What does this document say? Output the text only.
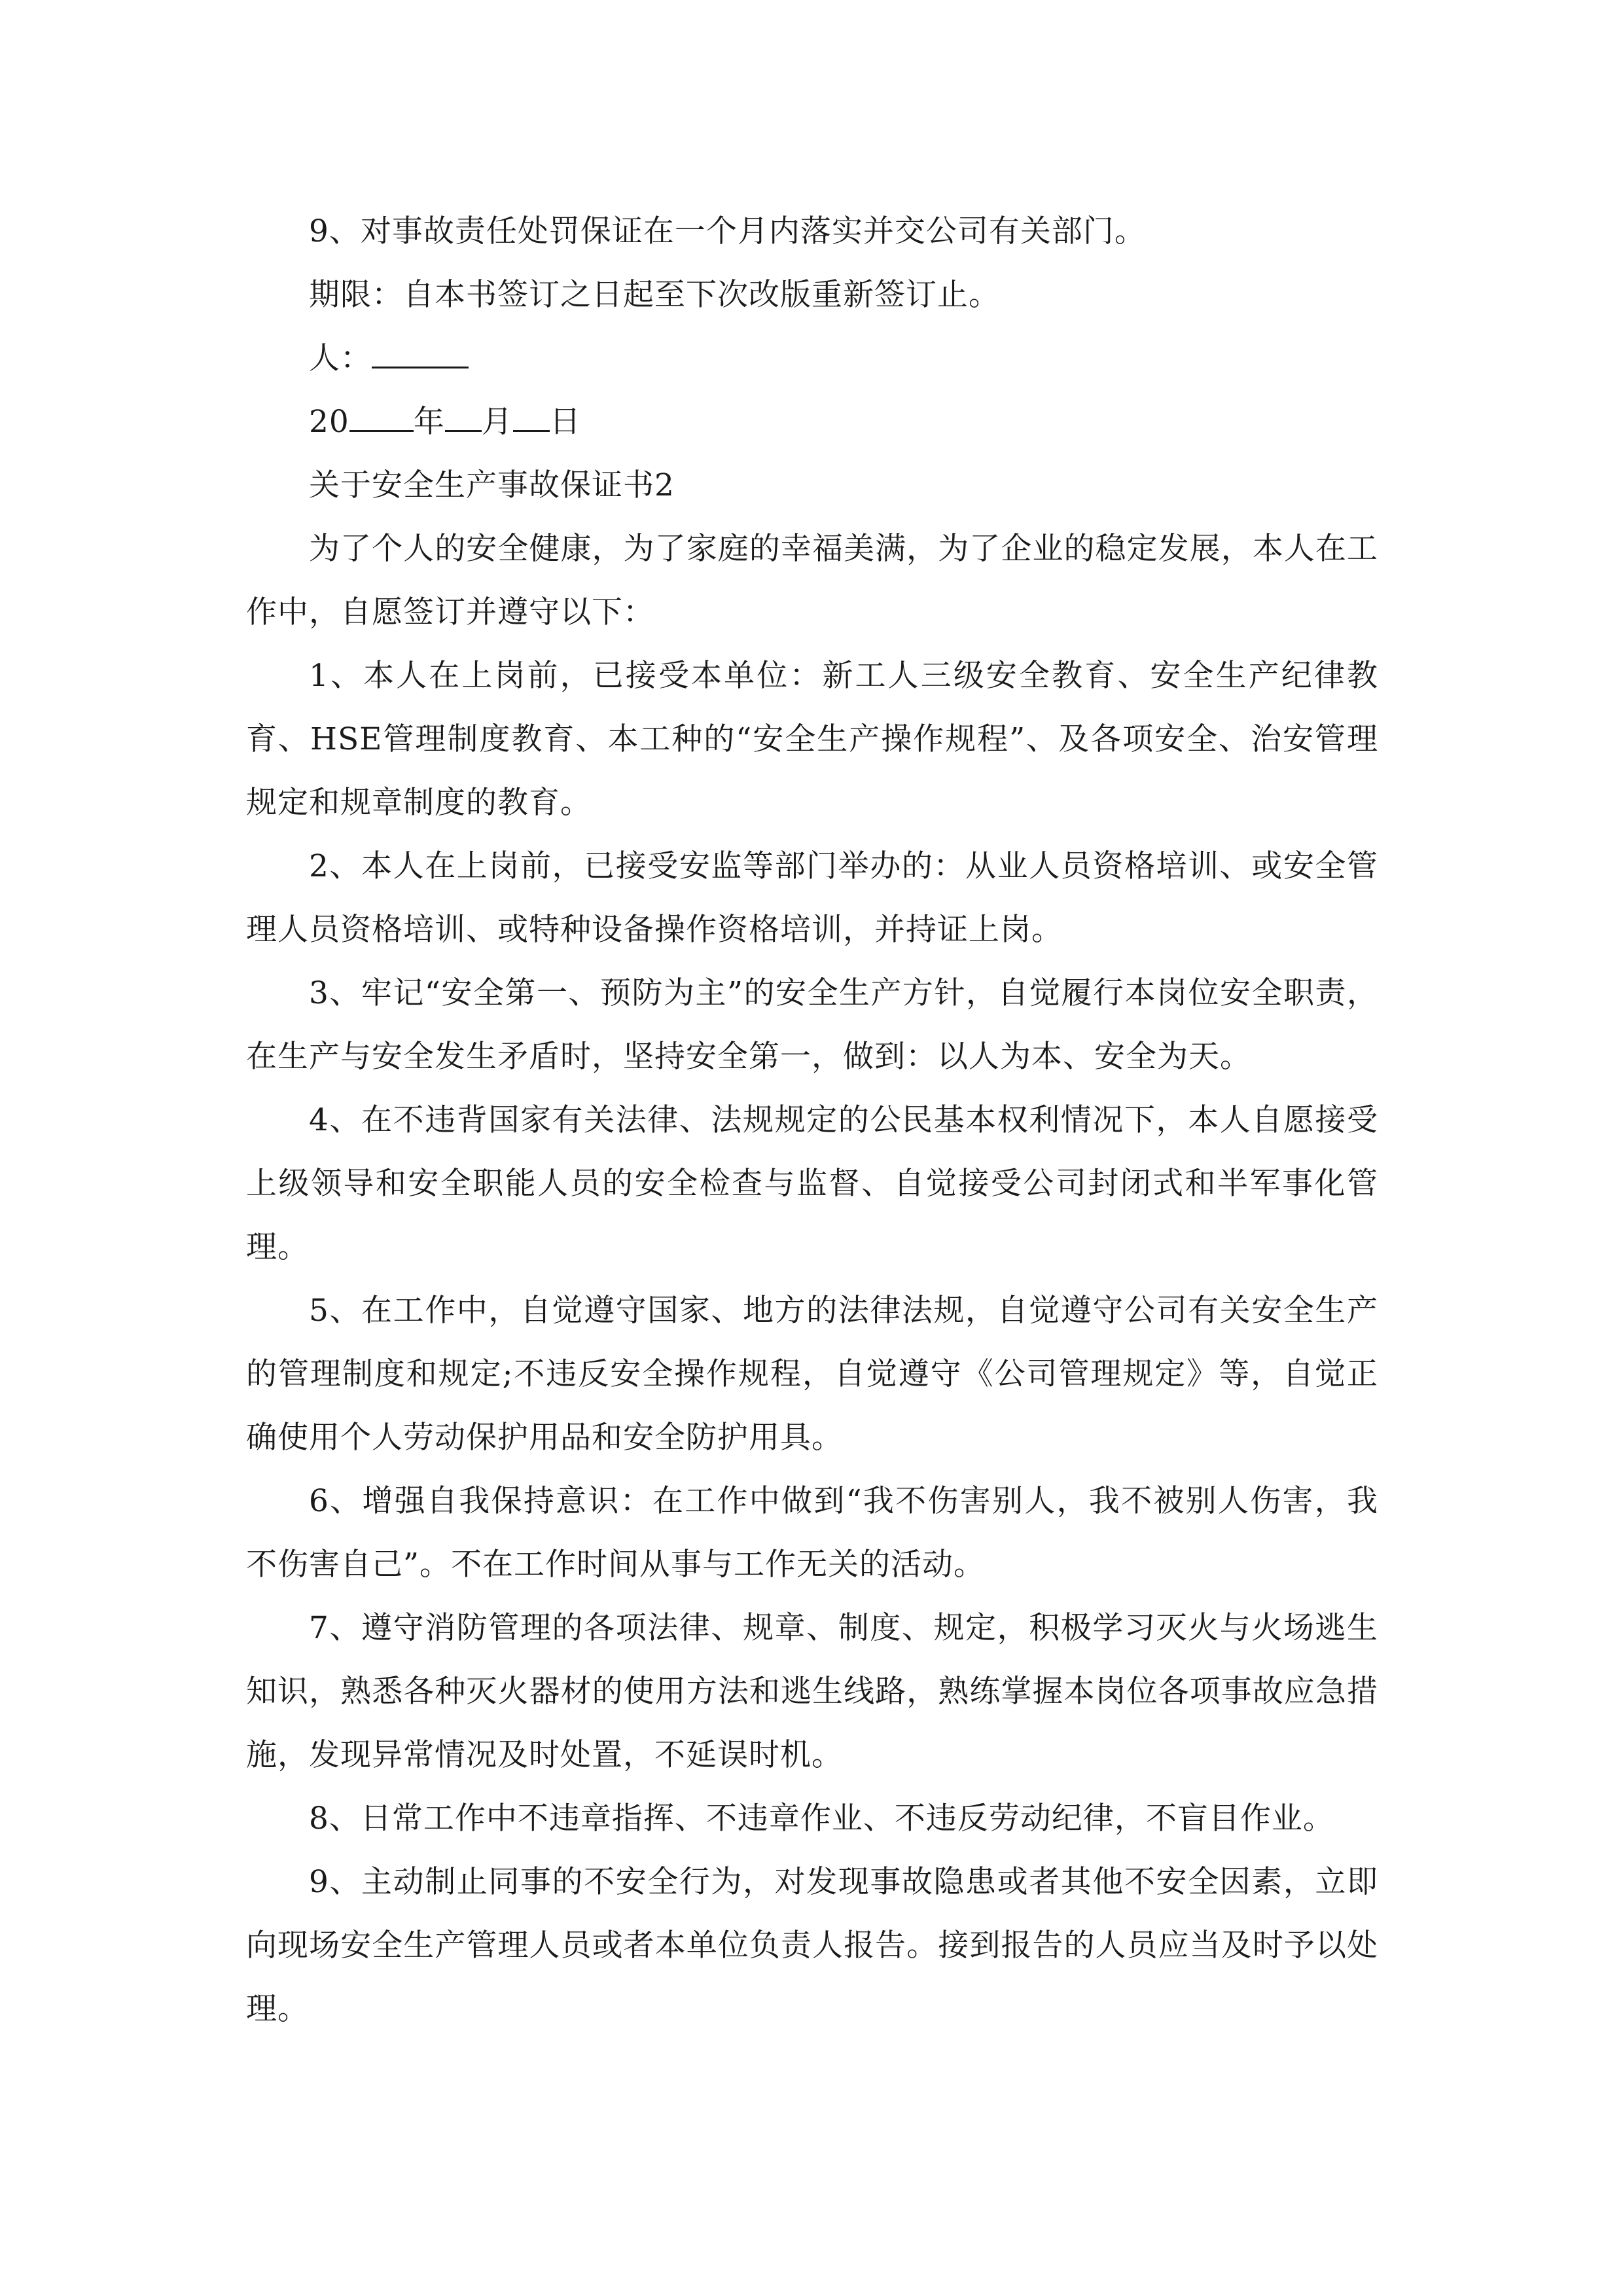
9、对事故责任处罚保证在一个月内落实并交公司有关部门。

期限：自本书签订之日起至下次改版重新签订止。

人：

20 年 月 日

关于安全生产事故保证书2

为了个人的安全健康，为了家庭的幸福美满，为了企业的稳定发展，本人在工作中，自愿签订并遵守以下：

1、本人在上岗前，已接受本单位：新工人三级安全教育、安全生产纪律教育、HSE管理制度教育、本工种的“安全生产操作规程”、及各项安全、治安管理规定和规章制度的教育。

2、本人在上岗前，已接受安监等部门举办的：从业人员资格培训、或安全管理人员资格培训、或特种设备操作资格培训，并持证上岗。

3、牢记“安全第一、预防为主”的安全生产方针，自觉履行本岗位安全职责，在生产与安全发生矛盾时，坚持安全第一，做到：以人为本、安全为天。

4、在不违背国家有关法律、法规规定的公民基本权利情况下，本人自愿接受上级领导和安全职能人员的安全检查与监督、自觉接受公司封闭式和半军事化管理。

5、在工作中，自觉遵守国家、地方的法律法规，自觉遵守公司有关安全生产的管理制度和规定;不违反安全操作规程，自觉遵守《公司管理规定》等，自觉正确使用个人劳动保护用品和安全防护用具。

6、增强自我保持意识：在工作中做到“我不伤害别人，我不被别人伤害，我不伤害自己”。不在工作时间从事与工作无关的活动。

7、遵守消防管理的各项法律、规章、制度、规定，积极学习灭火与火场逃生知识，熟悉各种灭火器材的使用方法和逃生线路，熟练掌握本岗位各项事故应急措施，发现异常情况及时处置，不延误时机。

8、日常工作中不违章指挥、不违章作业、不违反劳动纪律，不盲目作业。

9、主动制止同事的不安全行为，对发现事故隐患或者其他不安全因素，立即向现场安全生产管理人员或者本单位负责人报告。接到报告的人员应当及时予以处理。
